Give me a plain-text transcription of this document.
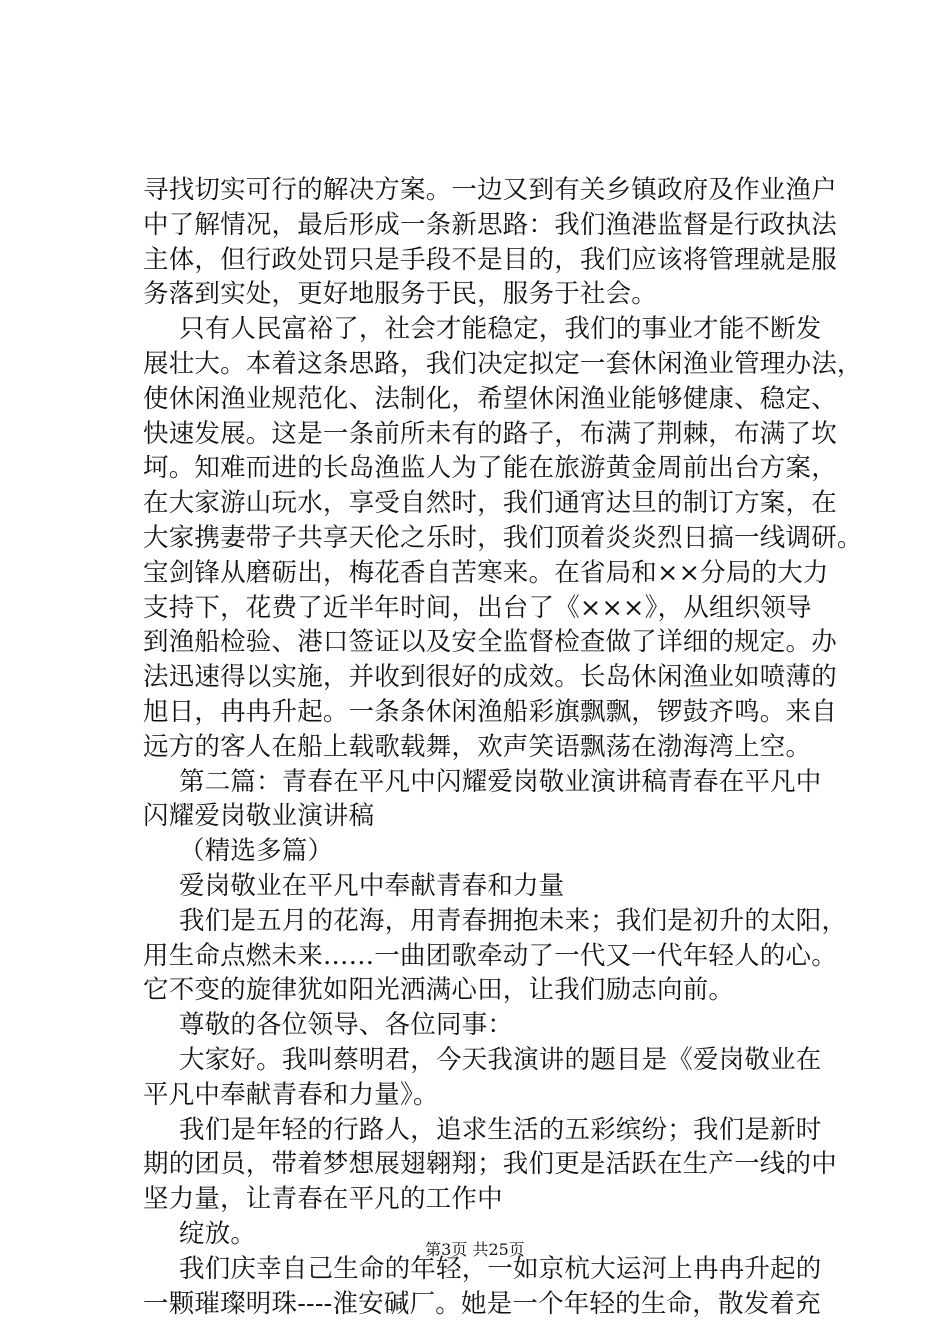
寻找切实可行的解决方案。一边又到有关乡镇政府及作业渔户
中了解情况，最后形成一条新思路：我们渔港监督是行政执法
主体，但行政处罚只是手段不是目的，我们应该将管理就是服
务落到实处，更好地服务于民，服务于社会。
只有人民富裕了，社会才能稳定，我们的事业才能不断发
展壮大。本着这条思路，我们决定拟定一套休闲渔业管理办法，
使休闲渔业规范化、法制化，希望休闲渔业能够健康、稳定、
快速发展。这是一条前所未有的路子，布满了荆棘，布满了坎
坷。知难而进的长岛渔监人为了能在旅游黄金周前出台方案，
在大家游山玩水，享受自然时，我们通宵达旦的制订方案，在
大家携妻带子共享天伦之乐时，我们顶着炎炎烈日搞一线调研。
宝剑锋从磨砺出，梅花香自苦寒来。在省局和××分局的大力
支持下，花费了近半年时间，出台了《×××》，从组织领导
到渔船检验、港口签证以及安全监督检查做了详细的规定。办
法迅速得以实施，并收到很好的成效。长岛休闲渔业如喷薄的
旭日，冉冉升起。一条条休闲渔船彩旗飘飘，锣鼓齐鸣。来自
远方的客人在船上载歌载舞，欢声笑语飘荡在渤海湾上空。
第二篇：青春在平凡中闪耀爱岗敬业演讲稿青春在平凡中
闪耀爱岗敬业演讲稿
（精选多篇）
爱岗敬业在平凡中奉献青春和力量
我们是五月的花海，用青春拥抱未来；我们是初升的太阳，
用生命点燃未来……一曲团歌牵动了一代又一代年轻人的心。
它不变的旋律犹如阳光洒满心田，让我们励志向前。
尊敬的各位领导、各位同事：
大家好。我叫蔡明君，今天我演讲的题目是《爱岗敬业在
平凡中奉献青春和力量》。
我们是年轻的行路人，追求生活的五彩缤纷；我们是新时
期的团员，带着梦想展翅翱翔；我们更是活跃在生产一线的中
坚力量，让青春在平凡的工作中
绽放。
我们庆幸自己生命的年轻，一如京杭大运河上冉冉升起的
一颗璀璨明珠----淮安碱厂。她是一个年轻的生命，散发着充
第3页 共25页
